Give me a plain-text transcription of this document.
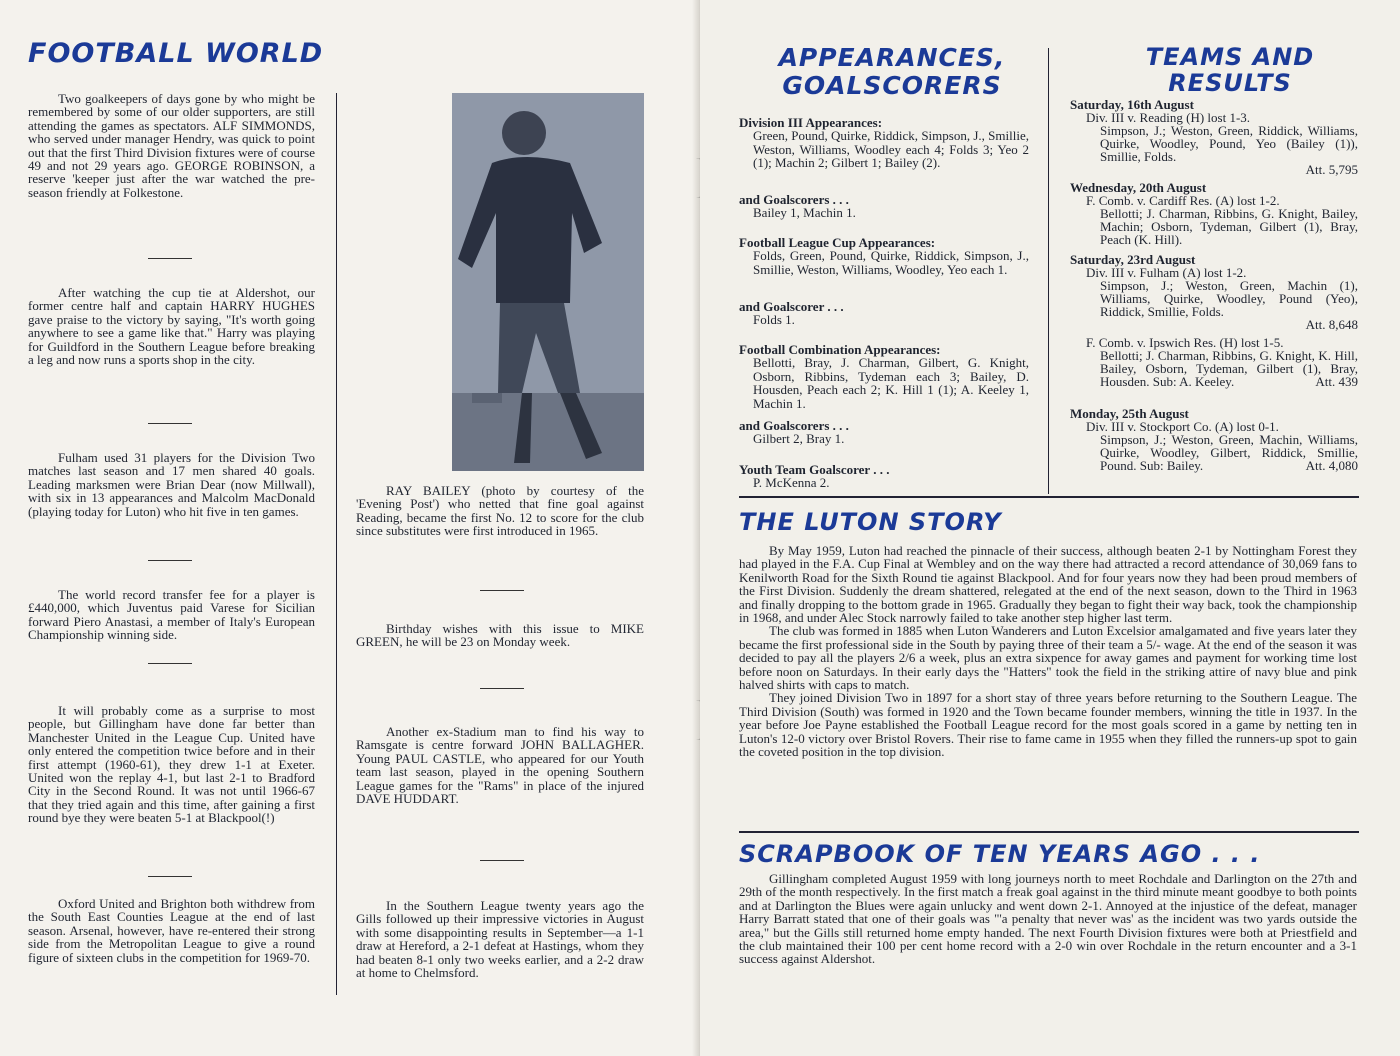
FOOTBALL WORLD

Two goalkeepers of days gone by who might be remembered by some of our older supporters, are still attending the games as spectators. ALF SIMMONDS, who served under manager Hendry, was quick to point out that the first Third Division fixtures were of course 49 and not 29 years ago. GEORGE ROBINSON, a reserve 'keeper just after the war watched the pre-season friendly at Folkestone.

After watching the cup tie at Aldershot, our former centre half and captain HARRY HUGHES gave praise to the victory by saying, "It's worth going anywhere to see a game like that." Harry was playing for Guildford in the Southern League before breaking a leg and now runs a sports shop in the city.

Fulham used 31 players for the Division Two matches last season and 17 men shared 40 goals. Leading marksmen were Brian Dear (now Millwall), with six in 13 appearances and Malcolm MacDonald (playing today for Luton) who hit five in ten games.

The world record transfer fee for a player is £440,000, which Juventus paid Varese for Sicilian forward Piero Anastasi, a member of Italy's European Championship winning side.

It will probably come as a surprise to most people, but Gillingham have done far better than Manchester United in the League Cup. United have only entered the competition twice before and in their first attempt (1960-61), they drew 1-1 at Exeter. United won the replay 4-1, but last 2-1 to Bradford City in the Second Round. It was not until 1966-67 that they tried again and this time, after gaining a first round bye they were beaten 5-1 at Blackpool(!)

Oxford United and Brighton both withdrew from the South East Counties League at the end of last season. Arsenal, however, have re-entered their strong side from the Metropolitan League to give a round figure of sixteen clubs in the competition for 1969-70.

RAY BAILEY (photo by courtesy of the 'Evening Post') who netted that fine goal against Reading, became the first No. 12 to score for the club since substitutes were first introduced in 1965.

Birthday wishes with this issue to MIKE GREEN, he will be 23 on Monday week.

Another ex-Stadium man to find his way to Ramsgate is centre forward JOHN BALLAGHER. Young PAUL CASTLE, who appeared for our Youth team last season, played in the opening Southern League games for the "Rams" in place of the injured DAVE HUDDART.

In the Southern League twenty years ago the Gills followed up their impressive victories in August with some disappointing results in September—a 1-1 draw at Hereford, a 2-1 defeat at Hastings, whom they had beaten 8-1 only two weeks earlier, and a 2-2 draw at home to Chelmsford.

APPEARANCES,
GOALSCORERS
Division III Appearances:
Green, Pound, Quirke, Riddick, Simpson, J., Smillie, Weston, Williams, Woodley each 4; Folds 3; Yeo 2 (1); Machin 2; Gilbert 1; Bailey (2).
and Goalscorers . . .
Bailey 1, Machin 1.
Football League Cup Appearances:
Folds, Green, Pound, Quirke, Riddick, Simpson, J., Smillie, Weston, Williams, Woodley, Yeo each 1.
and Goalscorer . . .
Folds 1.
Football Combination Appearances:
Bellotti, Bray, J. Charman, Gilbert, G. Knight, Osborn, Ribbins, Tydeman each 3; Bailey, D. Housden, Peach each 2; K. Hill 1 (1); A. Keeley 1, Machin 1.
and Goalscorers . . .
Gilbert 2, Bray 1.
Youth Team Goalscorer . . .
P. McKenna 2.
TEAMS AND
RESULTS
Saturday, 16th August
Div. III v. Reading (H) lost 1-3.
Simpson, J.; Weston, Green, Riddick, Williams, Quirke, Woodley, Pound, Yeo (Bailey (1)), Smillie, Folds.
Att. 5,795
Wednesday, 20th August
F. Comb. v. Cardiff Res. (A) lost 1-2.
Bellotti; J. Charman, Ribbins, G. Knight, Bailey, Machin; Osborn, Tydeman, Gilbert (1), Bray, Peach (K. Hill).
Saturday, 23rd August
Div. III v. Fulham (A) lost 1-2.
Simpson, J.; Weston, Green, Machin (1), Williams, Quirke, Woodley, Pound (Yeo), Riddick, Smillie, Folds.
Att. 8,648
F. Comb. v. Ipswich Res. (H) lost 1-5.
Bellotti; J. Charman, Ribbins, G. Knight, K. Hill, Bailey, Osborn, Tydeman, Gilbert (1), Bray, Housden. Sub: A. Keeley.	Att. 439
Monday, 25th August
Div. III v. Stockport Co. (A) lost 0-1.
Simpson, J.; Weston, Green, Machin, Williams, Quirke, Woodley, Gilbert, Riddick, Smillie, Pound. Sub: Bailey.	Att. 4,080
THE LUTON STORY

By May 1959, Luton had reached the pinnacle of their success, although beaten 2-1 by Nottingham Forest they had played in the F.A. Cup Final at Wembley and on the way there had attracted a record attendance of 30,069 fans to Kenilworth Road for the Sixth Round tie against Blackpool. And for four years now they had been proud members of the First Division. Suddenly the dream shattered, relegated at the end of the next season, down to the Third in 1963 and finally dropping to the bottom grade in 1965. Gradually they began to fight their way back, took the championship in 1968, and under Alec Stock narrowly failed to take another step higher last term.

The club was formed in 1885 when Luton Wanderers and Luton Excelsior amalgamated and five years later they became the first professional side in the South by paying three of their team a 5/- wage. At the end of the season it was decided to pay all the players 2/6 a week, plus an extra sixpence for away games and payment for working time lost before noon on Saturdays. In their early days the "Hatters" took the field in the striking attire of navy blue and pink halved shirts with caps to match.

They joined Division Two in 1897 for a short stay of three years before returning to the Southern League. The Third Division (South) was formed in 1920 and the Town became founder members, winning the title in 1937. In the year before Joe Payne established the Football League record for the most goals scored in a game by netting ten in Luton's 12-0 victory over Bristol Rovers. Their rise to fame came in 1955 when they filled the runners-up spot to gain the coveted position in the top division.

SCRAPBOOK OF TEN YEARS AGO . . .

Gillingham completed August 1959 with long journeys north to meet Rochdale and Darlington on the 27th and 29th of the month respectively. In the first match a freak goal against in the third minute meant goodbye to both points and at Darlington the Blues were again unlucky and went down 2-1. Annoyed at the injustice of the defeat, manager Harry Barratt stated that one of their goals was "'a penalty that never was' as the incident was two yards outside the area," but the Gills still returned home empty handed. The next Fourth Division fixtures were both at Priestfield and the club maintained their 100 per cent home record with a 2-0 win over Rochdale in the return encounter and a 3-1 success against Aldershot.
